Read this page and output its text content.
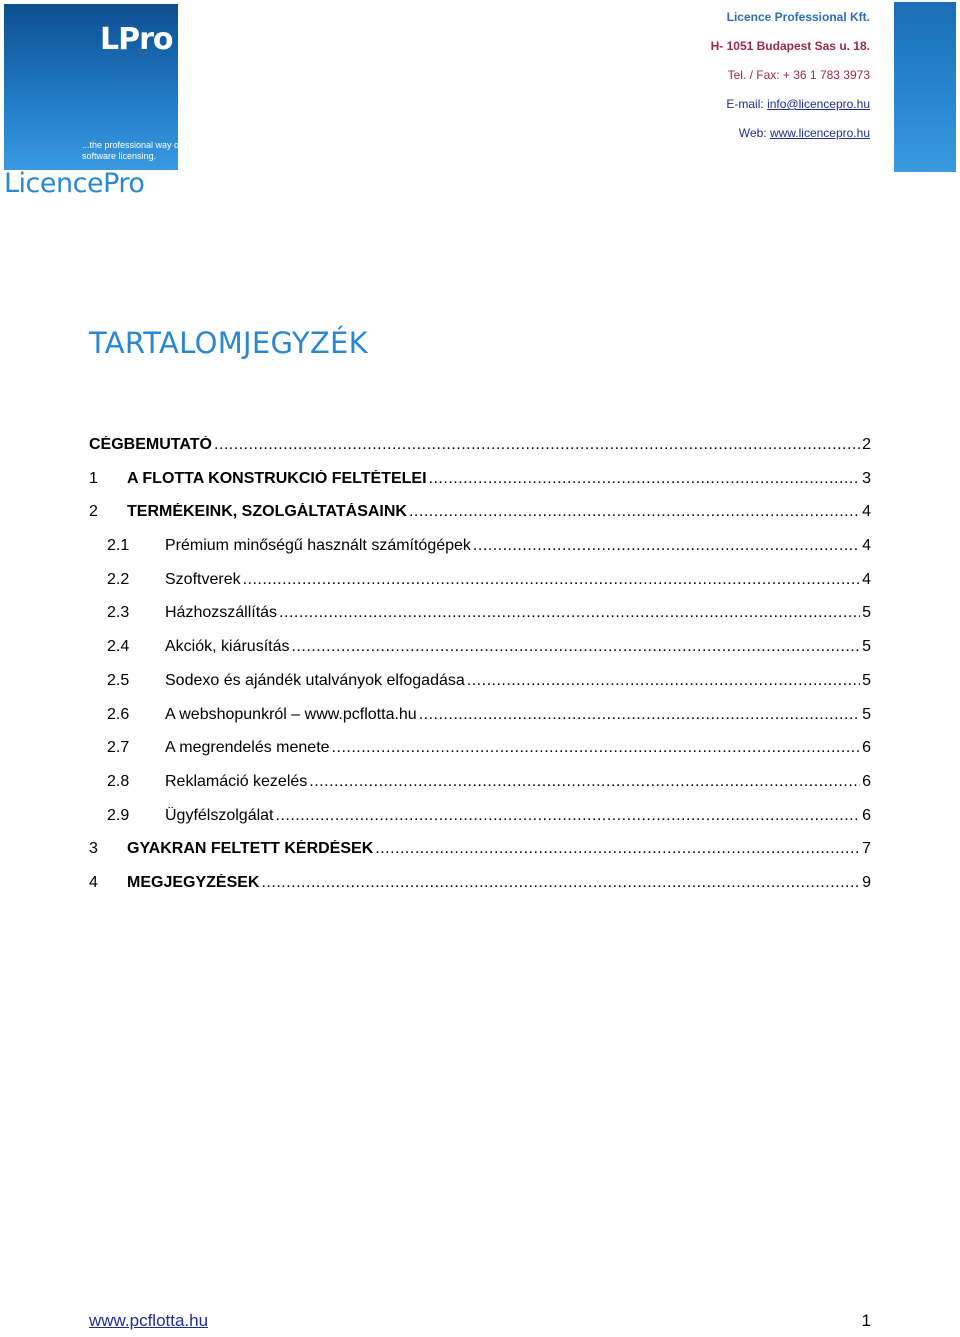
LPro
...the professional way of
software licensing.
LicencePro
Licence Professional Kft.
H- 1051 Budapest Sas u. 18.
Tel. / Fax: + 36 1 783 3973
E-mail: info@licencepro.hu
Web: www.licencepro.hu
TARTALOMJEGYZÉK
CÉGBEMUTATÓ .....	2
1	A FLOTTA KONSTRUKCIÓ FELTÉTELEI .....	3
2	TERMÉKEINK, SZOLGÁLTATÁSAINK .....	4
2.1	Prémium minőségű használt számítógépek .....	4
2.2	Szoftverek .....	4
2.3	Házhozszállítás .....	5
2.4	Akciók, kiárusítás .....	5
2.5	Sodexo és ajándék utalványok elfogadása .....	5
2.6	A webshopunkról – www.pcflotta.hu .....	5
2.7	A megrendelés menete .....	6
2.8	Reklamáció kezelés .....	6
2.9	Ügyfélszolgálat .....	6
3	GYAKRAN FELTETT KÉRDÉSEK .....	7
4	MEGJEGYZÉSEK .....	9
www.pcflotta.hu	1
